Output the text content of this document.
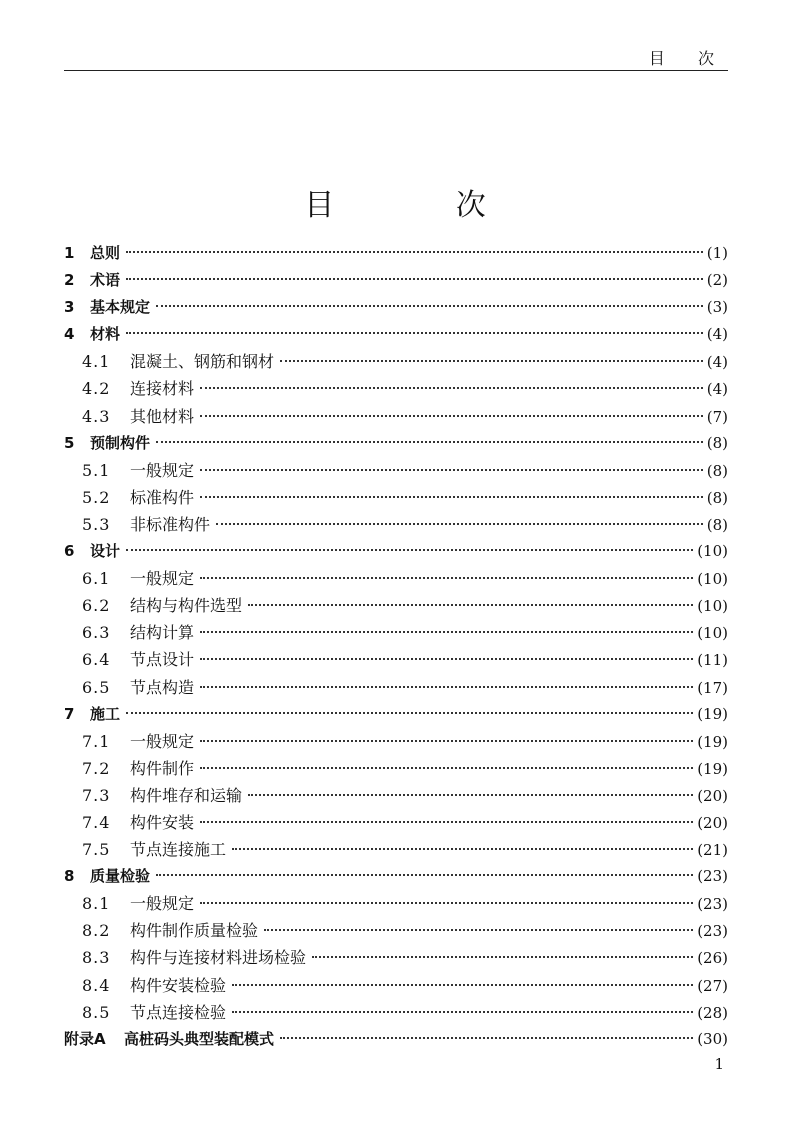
目 次
目 次
1	总则	(1)
2	术语	(2)
3	基本规定	(3)
4	材料	(4)
4.1	混凝土、钢筋和钢材	(4)
4.2	连接材料	(4)
4.3	其他材料	(7)
5	预制构件	(8)
5.1	一般规定	(8)
5.2	标准构件	(8)
5.3	非标准构件	(8)
6	设计	(10)
6.1	一般规定	(10)
6.2	结构与构件选型	(10)
6.3	结构计算	(10)
6.4	节点设计	(11)
6.5	节点构造	(17)
7	施工	(19)
7.1	一般规定	(19)
7.2	构件制作	(19)
7.3	构件堆存和运输	(20)
7.4	构件安装	(20)
7.5	节点连接施工	(21)
8	质量检验	(23)
8.1	一般规定	(23)
8.2	构件制作质量检验	(23)
8.3	构件与连接材料进场检验	(26)
8.4	构件安装检验	(27)
8.5	节点连接检验	(28)
附录A	高桩码头典型装配模式	(30)
1
